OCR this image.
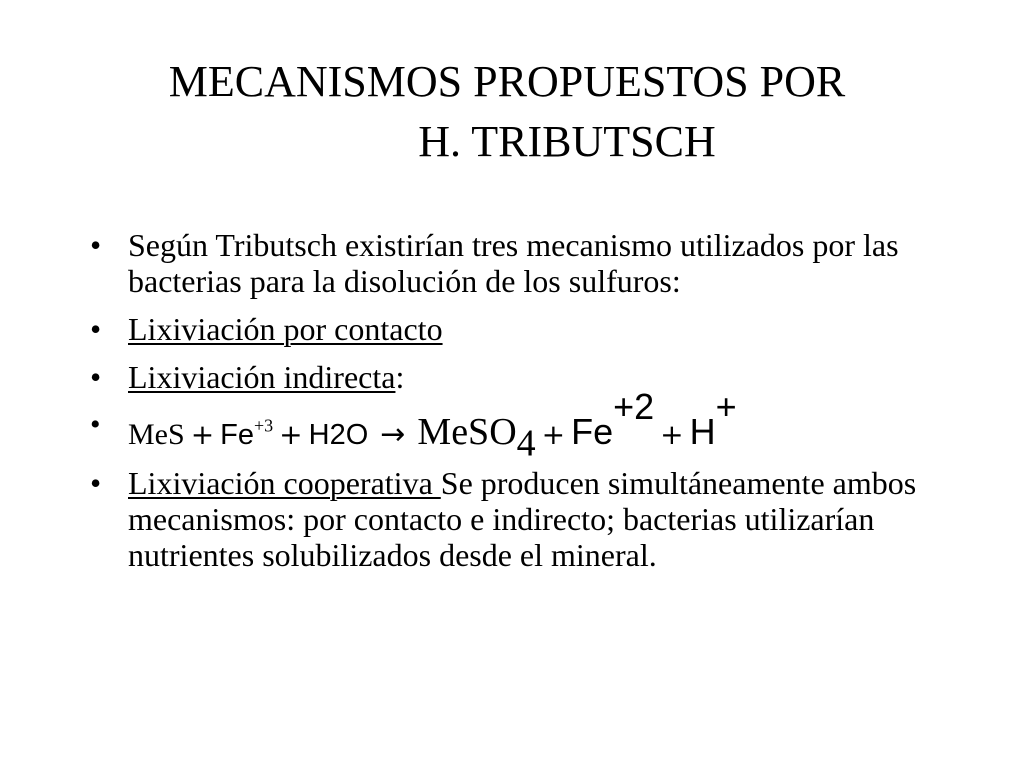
MECANISMOS PROPUESTOS POR
H. TRIBUTSCH
• Según Tributsch existirían tres mecanismo utilizados por las bacterias para la disolución de los sulfuros:
• Lixiviación por contacto
• Lixiviación indirecta:
• MeS + $Fe^{+3} + H2O$ → MeSO$_4$ + $Fe^{+2}+ H^+$
• Lixiviación cooperativa Se producen simultáneamente ambos mecanismos: por contacto e indirecto; bacterias utilizarían nutrientes solubilizados desde el mineral.
